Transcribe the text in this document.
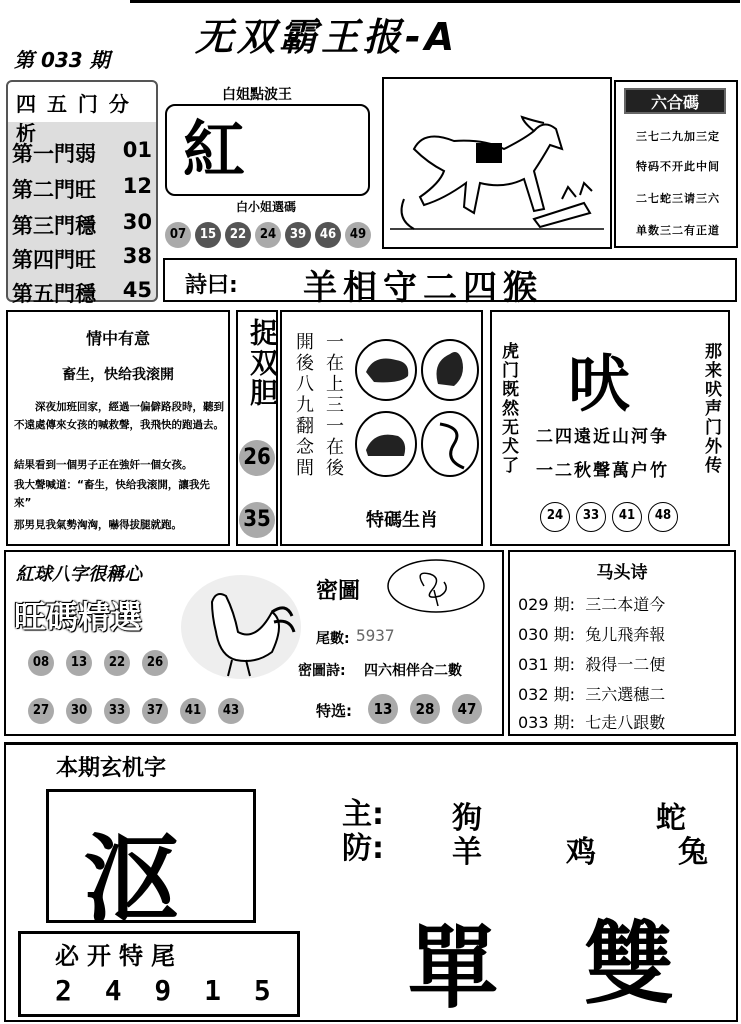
无双霸王报-A
第 033 期
四 五 门 分 析
第一門弱 01
第二門旺 12
第三門穩 30
第四門旺 38
第五門穩 45
白姐點波王
紅
白小姐選碼
07	15	22	24	39	46	49
六合碼
三七二九加三定
特码不开此中间
二七蛇三请三六
单数三二有正道
詩曰: 羊相守二四猴
情中有意
畜生，快给我滚開
深夜加班回家，經過一偏僻路段時，聽到不遠處傳來女孩的喊救聲，我飛快的跑過去。
結果看到一個男子正在強奸一個女孩。
我大聲喊道：“畜生，快给我滚開，讓我先來”
那男見我氣勢洶洶，嚇得拔腿就跑。
捉双胆
26
35
開後八九翻念間 一在上三一在後
特碼生肖
虎门既然无犬了	那来吠声门外传
吠
二四遠近山河争
一二秋聲萬户竹
24	33	41	48
紅球八字很稱心
旺碼精選
08	13	22	26
27	30	33	37	41	43
密圖
尾數: 5937
密圖詩: 四六相伴合二數
特选:	13	28	47
马头诗
029 期: 三二本道今
030 期: 兔儿飛奔報
031 期: 殺得一二便
032 期: 三六選穗二
033 期: 七走八跟數
本期玄机字
沤
必开特尾
2 4 9 1 5
主: 狗	蛇
防: 羊	鸡	兔
單 雙
